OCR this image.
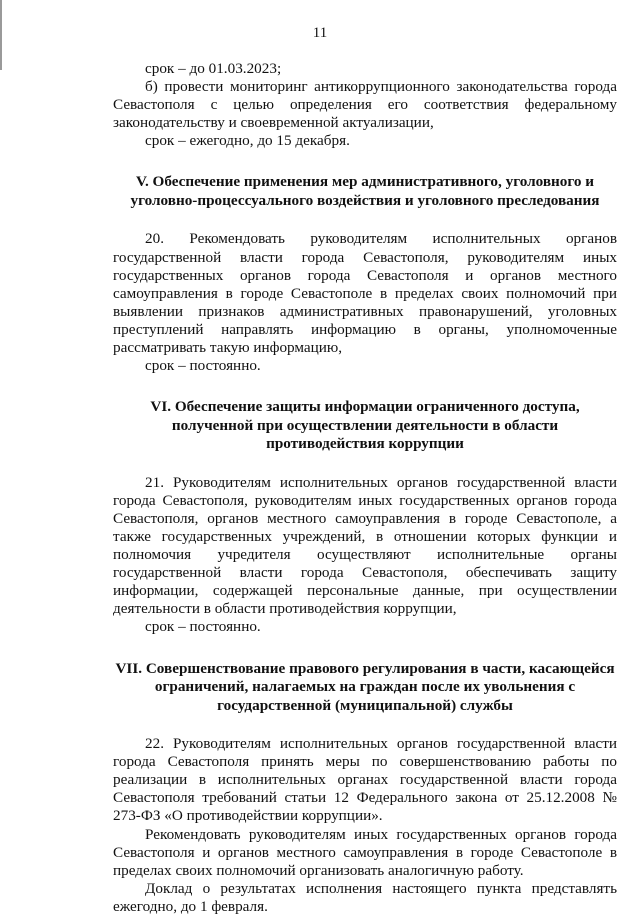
11

срок – до 01.03.2023;

б) провести мониторинг антикоррупционного законодательства города Севастополя с целью определения его соответствия федеральному законодательству и своевременной актуализации,

срок – ежегодно, до 15 декабря.

V. Обеспечение применения мер административного, уголовного и уголовно-процессуального воздействия и уголовного преследования

20. Рекомендовать руководителям исполнительных органов государственной власти города Севастополя, руководителям иных государственных органов города Севастополя и органов местного самоуправления в городе Севастополе в пределах своих полномочий при выявлении признаков административных правонарушений, уголовных преступлений направлять информацию в органы, уполномоченные рассматривать такую информацию,

срок – постоянно.

VI. Обеспечение защиты информации ограниченного доступа, полученной при осуществлении деятельности в области противодействия коррупции

21. Руководителям исполнительных органов государственной власти города Севастополя, руководителям иных государственных органов города Севастополя, органов местного самоуправления в городе Севастополе, а также государственных учреждений, в отношении которых функции и полномочия учредителя осуществляют исполнительные органы государственной власти города Севастополя, обеспечивать защиту информации, содержащей персональные данные, при осуществлении деятельности в области противодействия коррупции,

срок – постоянно.

VII. Совершенствование правового регулирования в части, касающейся ограничений, налагаемых на граждан после их увольнения с государственной (муниципальной) службы

22. Руководителям исполнительных органов государственной власти города Севастополя принять меры по совершенствованию работы по реализации в исполнительных органах государственной власти города Севастополя требований статьи 12 Федерального закона от 25.12.2008 № 273-ФЗ «О противодействии коррупции».

Рекомендовать руководителям иных государственных органов города Севастополя и органов местного самоуправления в городе Севастополе в пределах своих полномочий организовать аналогичную работу.

Доклад о результатах исполнения настоящего пункта представлять ежегодно, до 1 февраля.
